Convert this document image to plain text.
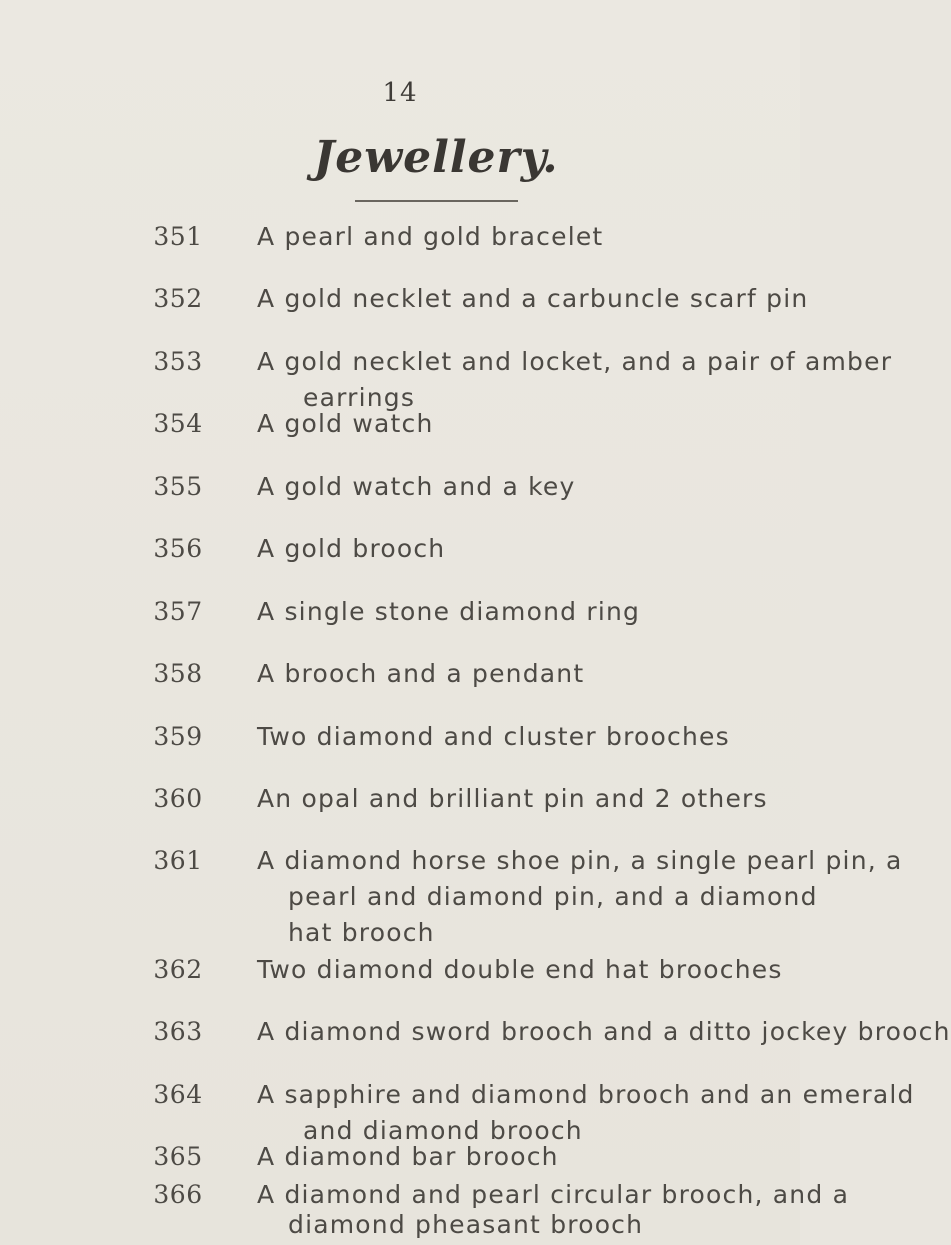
14
Jewellery.
351 A pearl and gold bracelet
352 A gold necklet and a carbuncle scarf pin
353 A gold necklet and locket, and a pair of amber
earrings
354 A gold watch
355 A gold watch and a key
356 A gold brooch
357 A single stone diamond ring
358 A brooch and a pendant
359 Two diamond and cluster brooches
360 An opal and brilliant pin and 2 others
361 A diamond horse shoe pin, a single pearl pin, a
pearl and diamond pin, and a diamond
hat brooch
362 Two diamond double end hat brooches
363 A diamond sword brooch and a ditto jockey brooch
364 A sapphire and diamond brooch and an emerald
and diamond brooch
365 A diamond bar brooch
366 A diamond and pearl circular brooch, and a
diamond pheasant brooch
